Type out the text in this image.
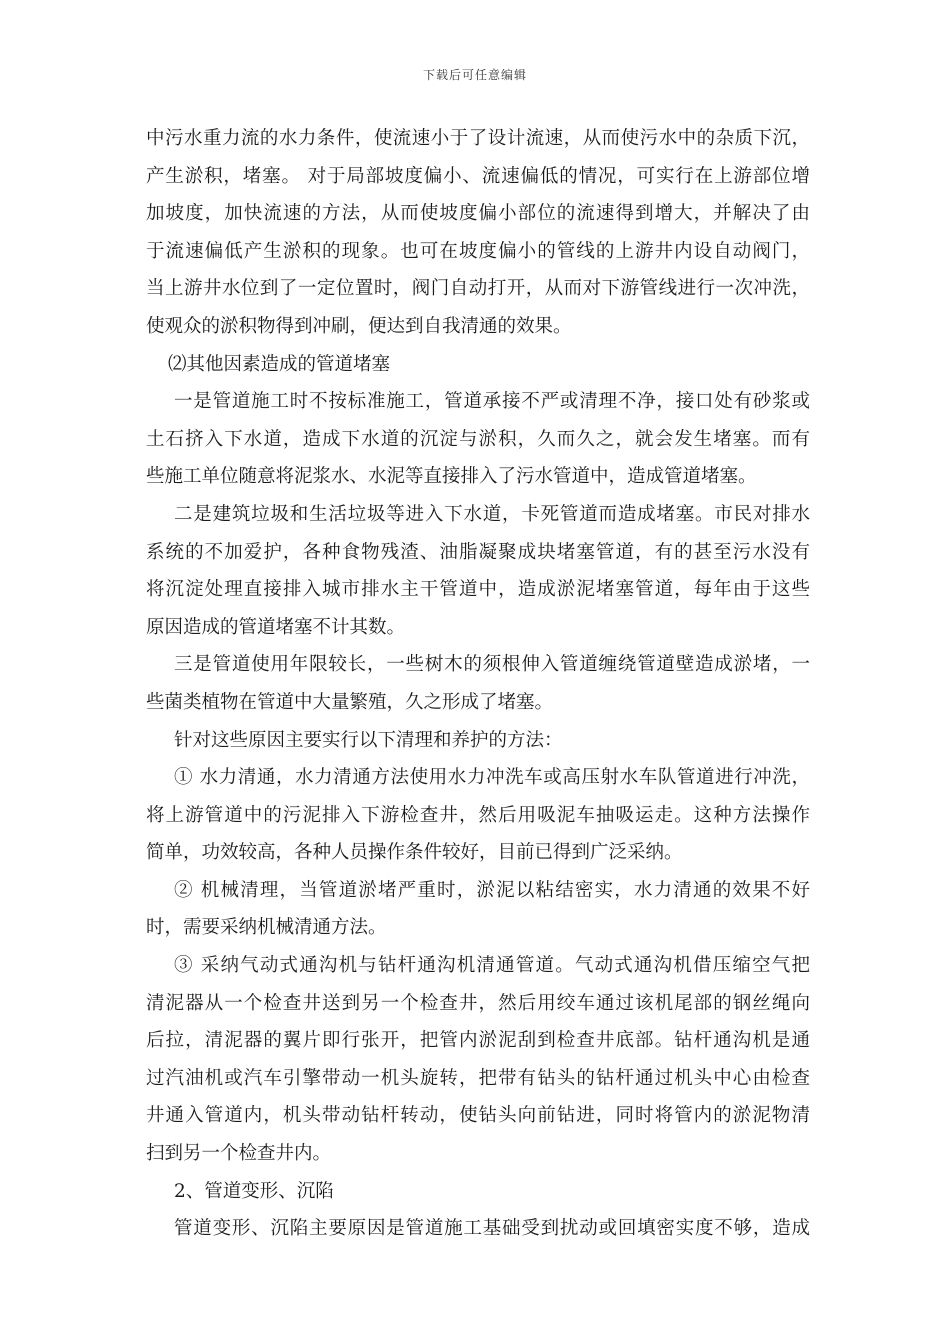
下载后可任意编辑
中污水重力流的水力条件，使流速小于了设计流速，从而使污水中的杂质下沉，
产生淤积，堵塞。 对于局部坡度偏小、流速偏低的情况，可实行在上游部位增
加坡度，加快流速的方法，从而使坡度偏小部位的流速得到增大，并解决了由
于流速偏低产生淤积的现象。也可在坡度偏小的管线的上游井内设自动阀门，
当上游井水位到了一定位置时，阀门自动打开，从而对下游管线进行一次冲洗，
使观众的淤积物得到冲刷，便达到自我清通的效果。
⑵其他因素造成的管道堵塞
一是管道施工时不按标准施工，管道承接不严或清理不净，接口处有砂浆或
土石挤入下水道，造成下水道的沉淀与淤积，久而久之，就会发生堵塞。而有
些施工单位随意将泥浆水、水泥等直接排入了污水管道中，造成管道堵塞。
二是建筑垃圾和生活垃圾等进入下水道，卡死管道而造成堵塞。市民对排水
系统的不加爱护，各种食物残渣、油脂凝聚成块堵塞管道，有的甚至污水没有
将沉淀处理直接排入城市排水主干管道中，造成淤泥堵塞管道，每年由于这些
原因造成的管道堵塞不计其数。
三是管道使用年限较长，一些树木的须根伸入管道缠绕管道壁造成淤堵，一
些菌类植物在管道中大量繁殖，久之形成了堵塞。
针对这些原因主要实行以下清理和养护的方法：
① 水力清通，水力清通方法使用水力冲洗车或高压射水车队管道进行冲洗，
将上游管道中的污泥排入下游检查井，然后用吸泥车抽吸运走。这种方法操作
简单，功效较高，各种人员操作条件较好，目前已得到广泛采纳。
② 机械清理，当管道淤堵严重时，淤泥以粘结密实，水力清通的效果不好
时，需要采纳机械清通方法。
③ 采纳气动式通沟机与钻杆通沟机清通管道。气动式通沟机借压缩空气把
清泥器从一个检查井送到另一个检查井，然后用绞车通过该机尾部的钢丝绳向
后拉，清泥器的翼片即行张开，把管内淤泥刮到检查井底部。钻杆通沟机是通
过汽油机或汽车引擎带动一机头旋转，把带有钻头的钻杆通过机头中心由检查
井通入管道内，机头带动钻杆转动，使钻头向前钻进，同时将管内的淤泥物清
扫到另一个检查井内。
2、管道变形、沉陷
管道变形、沉陷主要原因是管道施工基础受到扰动或回填密实度不够，造成
